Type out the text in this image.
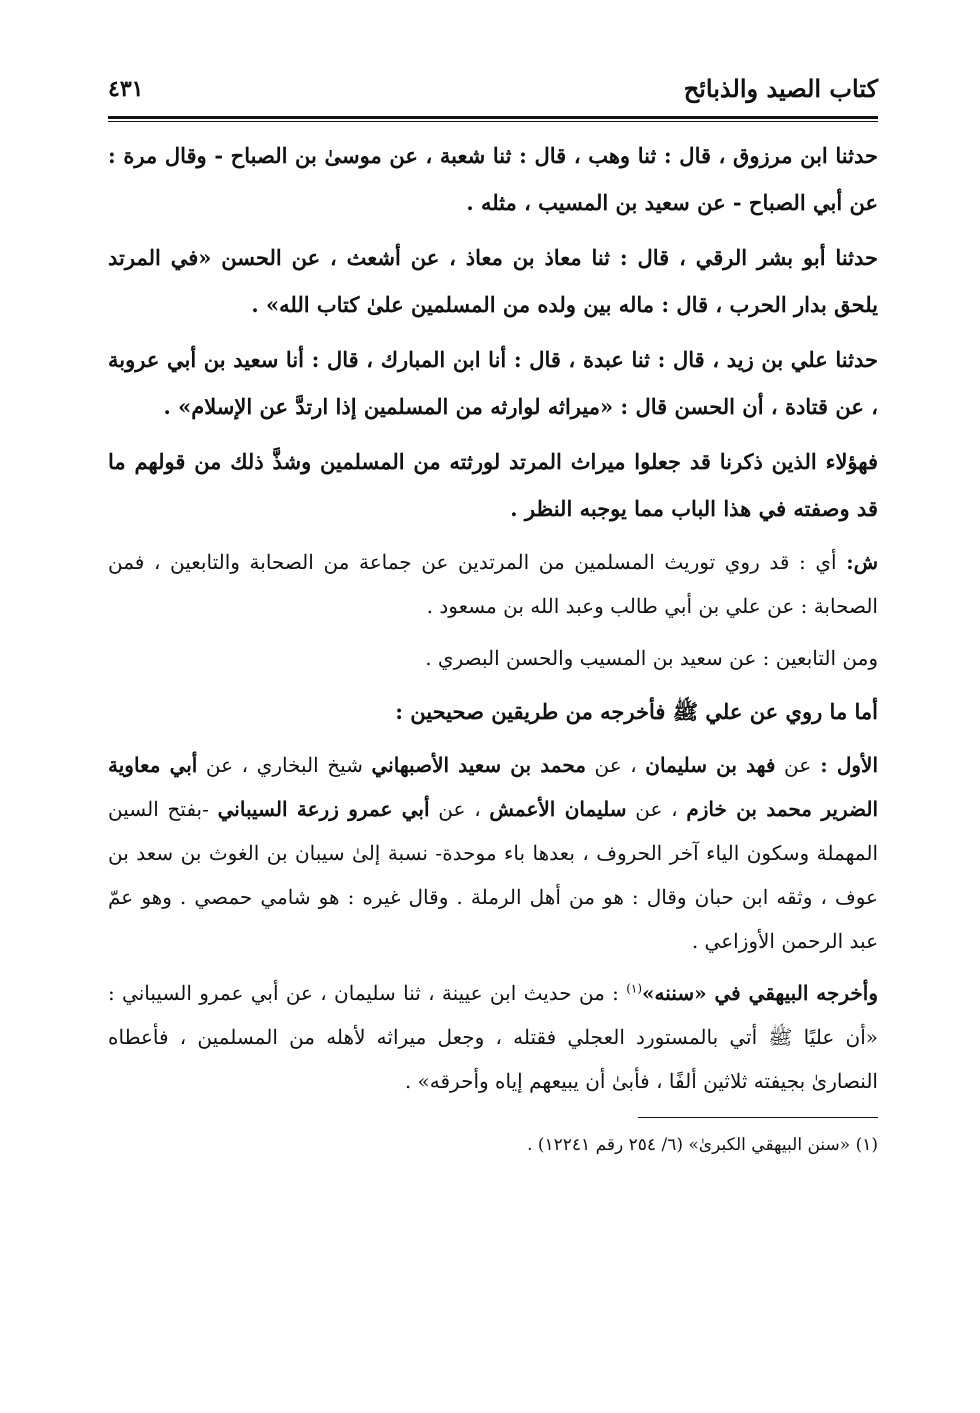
كتاب الصيد والذبائح
٤٣١

حدثنا ابن مرزوق ، قال : ثنا وهب ، قال : ثنا شعبة ، عن موسىٰ بن الصباح - وقال مرة : عن أبي الصباح - عن سعيد بن المسيب ، مثله .

حدثنا أبو بشر الرقي ، قال : ثنا معاذ بن معاذ ، عن أشعث ، عن الحسن «في المرتد يلحق بدار الحرب ، قال : ماله بين ولده من المسلمين علىٰ كتاب الله» .

حدثنا علي بن زيد ، قال : ثنا عبدة ، قال : أنا ابن المبارك ، قال : أنا سعيد بن أبي عروبة ، عن قتادة ، أن الحسن قال : «ميراثه لوارثه من المسلمين إذا ارتدَّ عن الإسلام» .

فهؤلاء الذين ذكرنا قد جعلوا ميراث المرتد لورثته من المسلمين وشذَّ ذلك من قولهم ما قد وصفته في هذا الباب مما يوجبه النظر .

ش: أي : قد روي توريث المسلمين من المرتدين عن جماعة من الصحابة والتابعين ، فمن الصحابة : عن علي بن أبي طالب وعبد الله بن مسعود .

ومن التابعين : عن سعيد بن المسيب والحسن البصري .

أما ما روي عن علي ﷺ فأخرجه من طريقين صحيحين :

الأول : عن فهد بن سليمان ، عن محمد بن سعيد الأصبهاني شيخ البخاري ، عن أبي معاوية الضرير محمد بن خازم ، عن سليمان الأعمش ، عن أبي عمرو زرعة السيباني -بفتح السين المهملة وسكون الياء آخر الحروف ، بعدها باء موحدة- نسبة إلىٰ سيبان بن الغوث بن سعد بن عوف ، وثقه ابن حبان وقال : هو من أهل الرملة . وقال غيره : هو شامي حمصي . وهو عمّ عبد الرحمن الأوزاعي .

وأخرجه البيهقي في «سننه»$^{(١)}$ : من حديث ابن عيينة ، ثنا سليمان ، عن أبي عمرو السيباني : «أن عليًا ﷺ أتي بالمستورد العجلي فقتله ، وجعل ميراثه لأهله من المسلمين ، فأعطاه النصارىٰ بجيفته ثلاثين ألفًا ، فأبىٰ أن يبيعهم إياه وأحرقه» .

(١) «سنن البيهقي الكبرىٰ» (٦/ ٢٥٤ رقم ١٢٢٤١) .
